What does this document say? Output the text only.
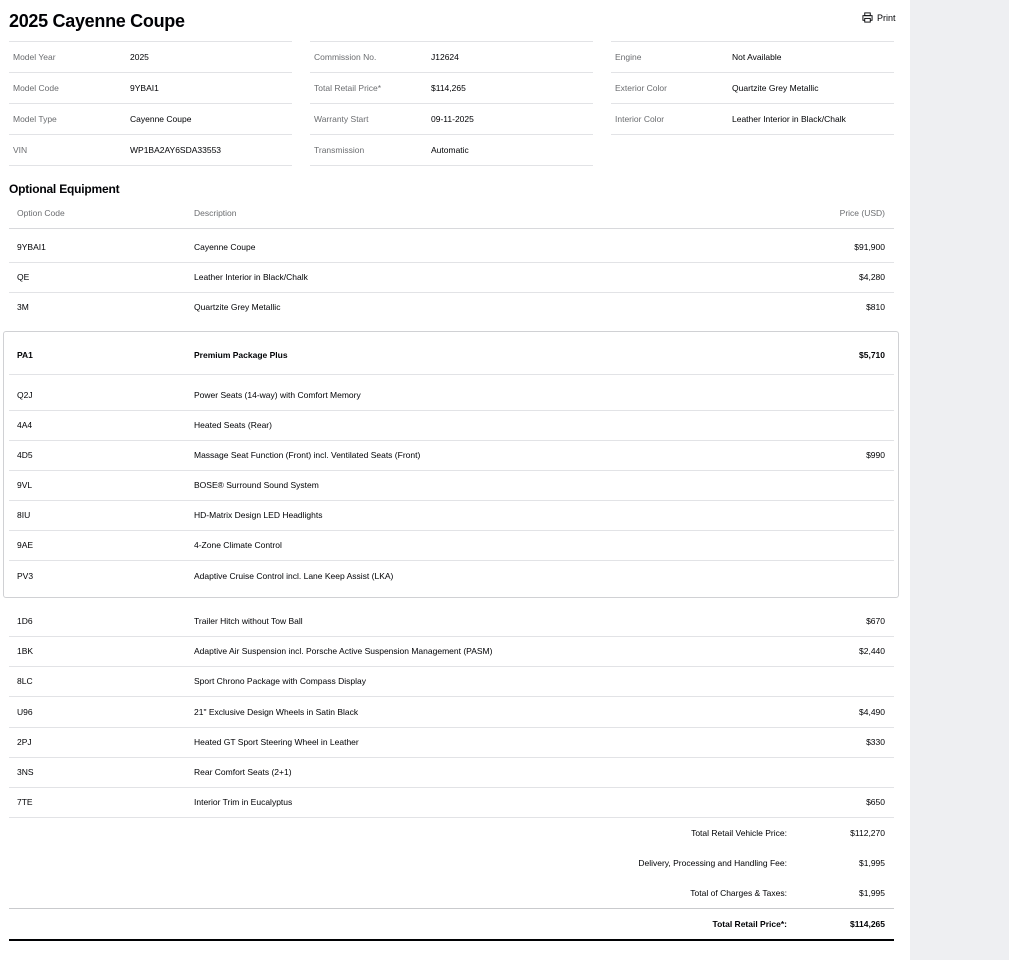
2025 Cayenne Coupe	Print
Model Year	2025
Model Code	9YBAI1
Model Type	Cayenne Coupe
VIN	WP1BA2AY6SDA33553
Commission No.	J12624
Total Retail Price*	$114,265
Warranty Start	09-11-2025
Transmission	Automatic
Engine	Not Available
Exterior Color	Quartzite Grey Metallic
Interior Color	Leather Interior in Black/Chalk
Optional Equipment
Option Code	Description	Price (USD)
9YBAI1	Cayenne Coupe	$91,900
QE	Leather Interior in Black/Chalk	$4,280
3M	Quartzite Grey Metallic	$810
PA1	Premium Package Plus	$5,710
Q2J	Power Seats (14-way) with Comfort Memory
4A4	Heated Seats (Rear)
4D5	Massage Seat Function (Front) incl. Ventilated Seats (Front)	$990
9VL	BOSE® Surround Sound System
8IU	HD-Matrix Design LED Headlights
9AE	4-Zone Climate Control
PV3	Adaptive Cruise Control incl. Lane Keep Assist (LKA)
1D6	Trailer Hitch without Tow Ball	$670
1BK	Adaptive Air Suspension incl. Porsche Active Suspension Management (PASM)	$2,440
8LC	Sport Chrono Package with Compass Display
U96	21" Exclusive Design Wheels in Satin Black	$4,490
2PJ	Heated GT Sport Steering Wheel in Leather	$330
3NS	Rear Comfort Seats (2+1)
7TE	Interior Trim in Eucalyptus	$650
Total Retail Vehicle Price:	$112,270
Delivery, Processing and Handling Fee:	$1,995
Total of Charges & Taxes:	$1,995
Total Retail Price*:	$114,265
